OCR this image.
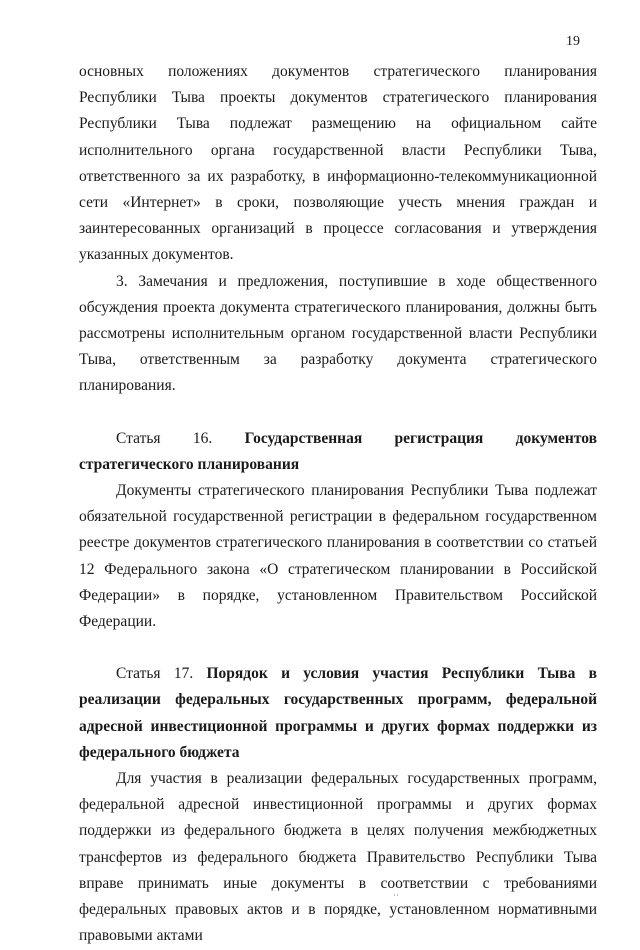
19

основных положениях документов стратегического планирования Республики Тыва проекты документов стратегического планирования Республики Тыва подлежат размещению на официальном сайте исполнительного органа государственной власти Республики Тыва, ответственного за их разработку, в информационно-телекоммуникационной сети «Интернет» в сроки, позволяющие учесть мнения граждан и заинтересованных организаций в процессе согласования и утверждения указанных документов.

3. Замечания и предложения, поступившие в ходе общественного обсуждения проекта документа стратегического планирования, должны быть рассмотрены исполнительным органом государственной власти Республики Тыва, ответственным за разработку документа стратегического планирования.

Статья 16. Государственная регистрация документов стратегического планирования

Документы стратегического планирования Республики Тыва подлежат обязательной государственной регистрации в федеральном государственном реестре документов стратегического планирования в соответствии со статьей 12 Федерального закона «О стратегическом планировании в Российской Федерации» в порядке, установленном Правительством Российской Федерации.

Статья 17. Порядок и условия участия Республики Тыва в реализации федеральных государственных программ, федеральной адресной инвестиционной программы и других формах поддержки из федерального бюджета

Для участия в реализации федеральных государственных программ, федеральной адресной инвестиционной программы и других формах поддержки из федерального бюджета в целях получения межбюджетных трансфертов из федерального бюджета Правительство Республики Тыва вправе принимать иные документы в соответствии с требованиями федеральных правовых актов и в порядке, установленном нормативными правовыми актами

˙˙
